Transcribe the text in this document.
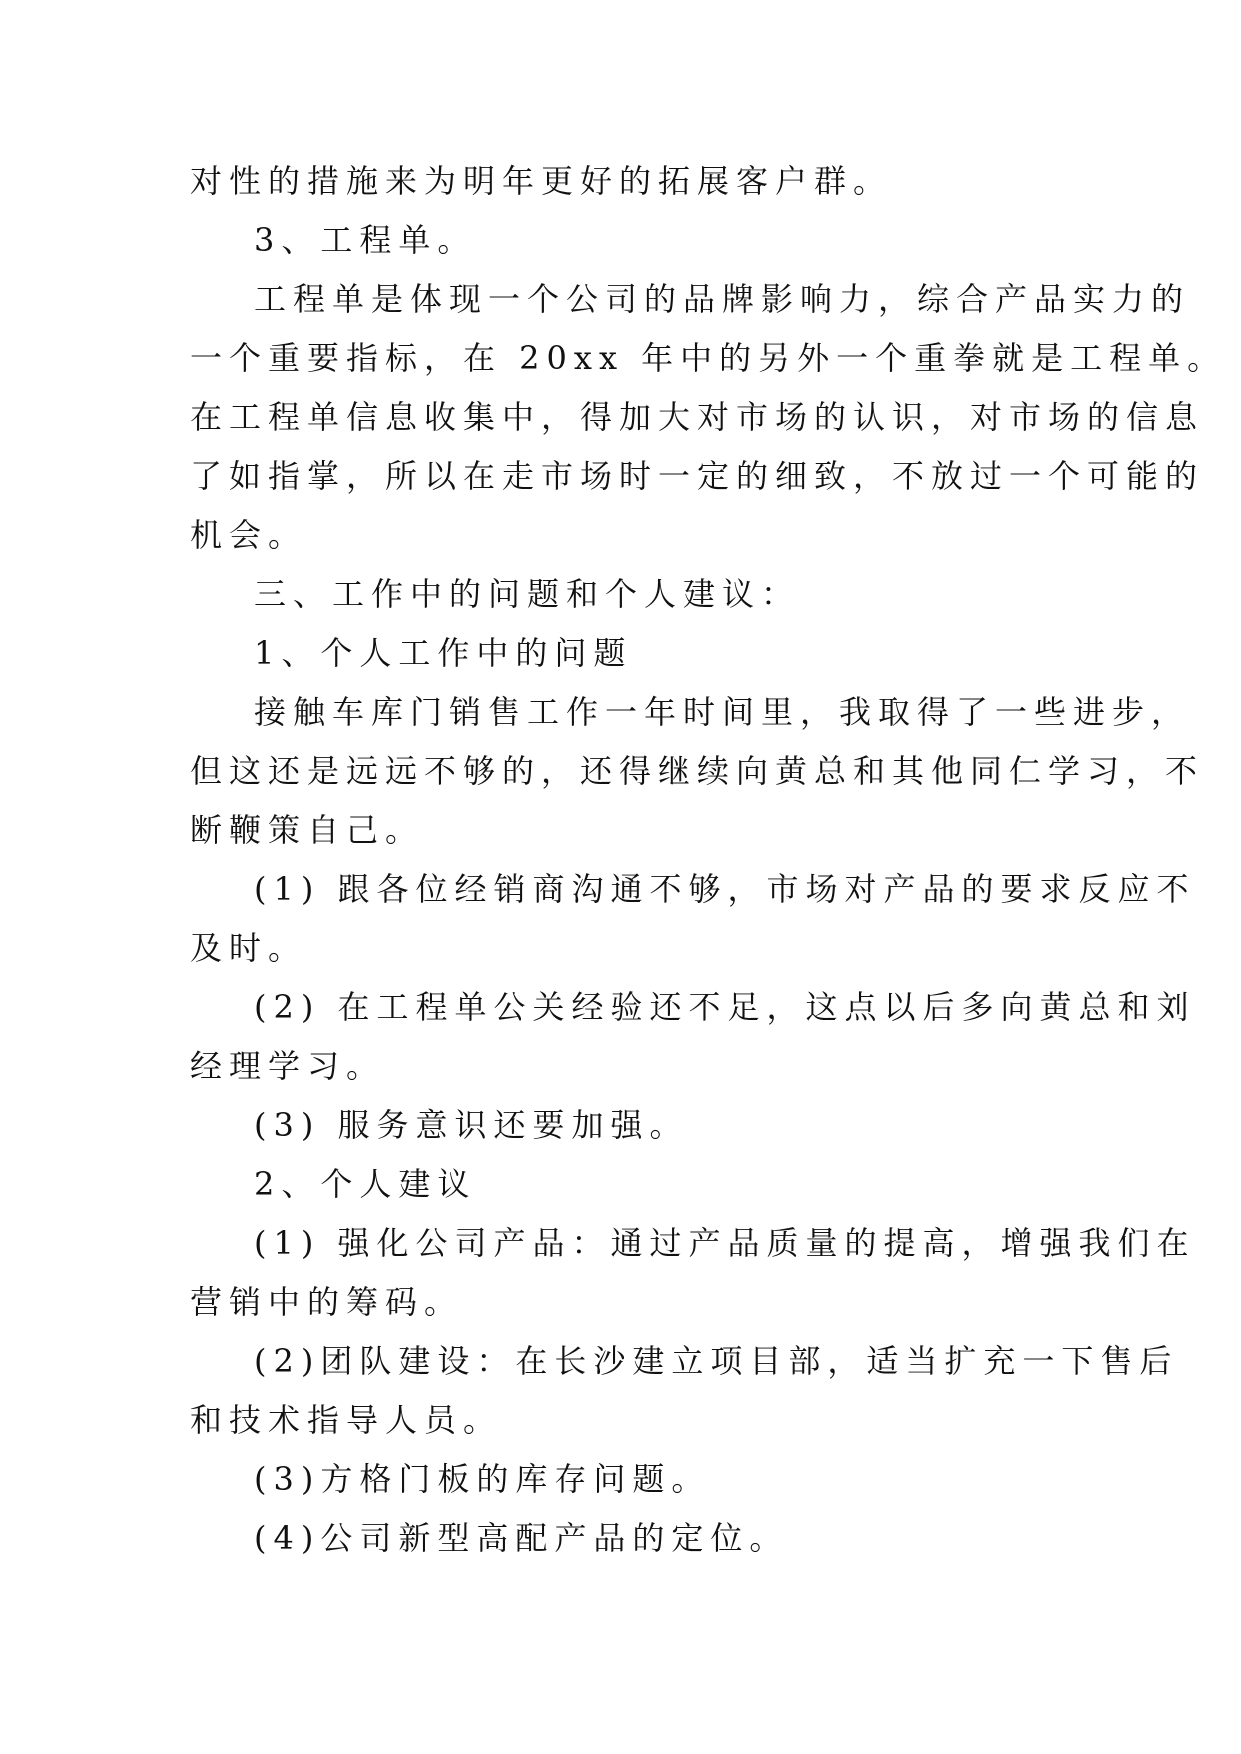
对性的措施来为明年更好的拓展客户群。
3、工程单。
工程单是体现一个公司的品牌影响力，综合产品实力的
一个重要指标，在 20xx 年中的另外一个重拳就是工程单。
在工程单信息收集中，得加大对市场的认识，对市场的信息
了如指掌，所以在走市场时一定的细致，不放过一个可能的
机会。
三、工作中的问题和个人建议：
1、个人工作中的问题
接触车库门销售工作一年时间里，我取得了一些进步，
但这还是远远不够的，还得继续向黄总和其他同仁学习，不
断鞭策自己。
(1) 跟各位经销商沟通不够，市场对产品的要求反应不
及时。
(2) 在工程单公关经验还不足，这点以后多向黄总和刘
经理学习。
(3) 服务意识还要加强。
2、个人建议
(1) 强化公司产品：通过产品质量的提高，增强我们在
营销中的筹码。
(2)团队建设：在长沙建立项目部，适当扩充一下售后
和技术指导人员。
(3)方格门板的库存问题。
(4)公司新型高配产品的定位。
